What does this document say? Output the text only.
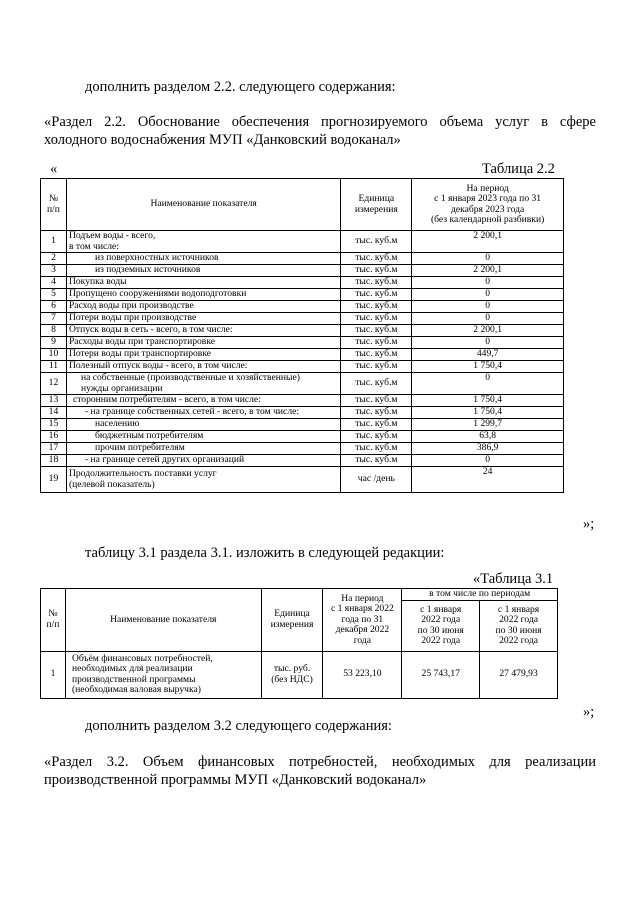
дополнить разделом 2.2. следующего содержания:
«Раздел 2.2. Обоснование обеспечения прогнозируемого объема услуг в сфере
холодного водоснабжения МУП «Данковский водоканал»
«	Таблица 2.2
№
п/п	Наименование показателя	Единица
измерения	На период
с 1 января 2023 года по 31
декабря 2023 года
(без календарной разбивки)
1	Подъем воды - всего,
в том числе:	тыс. куб.м	2 200,1
2	из поверхностных источников	тыс. куб.м	0
3	из подземных источников	тыс. куб.м	2 200,1
4	Покупка воды	тыс. куб.м	0
5	Пропущено сооружениями водоподготовки	тыс. куб.м	0
6	Расход воды при производстве	тыс. куб.м	0
7	Потери воды при производстве	тыс. куб.м	0
8	Отпуск воды в сеть - всего, в том числе:	тыс. куб.м	2 200,1
9	Расходы воды при транспортировке	тыс. куб.м	0
10	Потери воды при транспортировке	тыс. куб.м	449,7
11	Полезный отпуск воды - всего, в том числе:	тыс. куб.м	1 750,4
12	на собственные (производственные и хозяйственные)
нужды организации	тыс. куб.м	0
13	сторонним потребителям - всего, в том числе:	тыс. куб.м	1 750,4
14	- на границе собственных сетей - всего, в том числе:	тыс. куб.м	1 750,4
15	населению	тыс. куб.м	1 299,7
16	бюджетным потребителям	тыс. куб.м	63,8
17	прочим потребителям	тыс. куб.м	386,9
18	- на границе сетей других организаций	тыс. куб.м	0
19	Продолжительность поставки услуг
(целевой показатель)	час /день	24
»;
таблицу 3.1 раздела 3.1. изложить в следующей редакции:
«Таблица 3.1
№
п/п	Наименование показателя	Единица
измерения	На период
с 1 января 2022
года по 31
декабря 2022
года	в том числе по периодам	
				с 1 января
2022 года
по 30 июня
2022 года	с 1 января
2022 года
по 30 июня
2022 года
1	Объём финансовых потребностей,
необходимых для реализации
производственной программы
(необходимая валовая выручка)	тыс. руб.
(без НДС)	53 223,10	25 743,17	27 479,93
»;
дополнить разделом 3.2 следующего содержания:
«Раздел 3.2. Объем финансовых потребностей, необходимых для реализации
производственной программы МУП «Данковский водоканал»
